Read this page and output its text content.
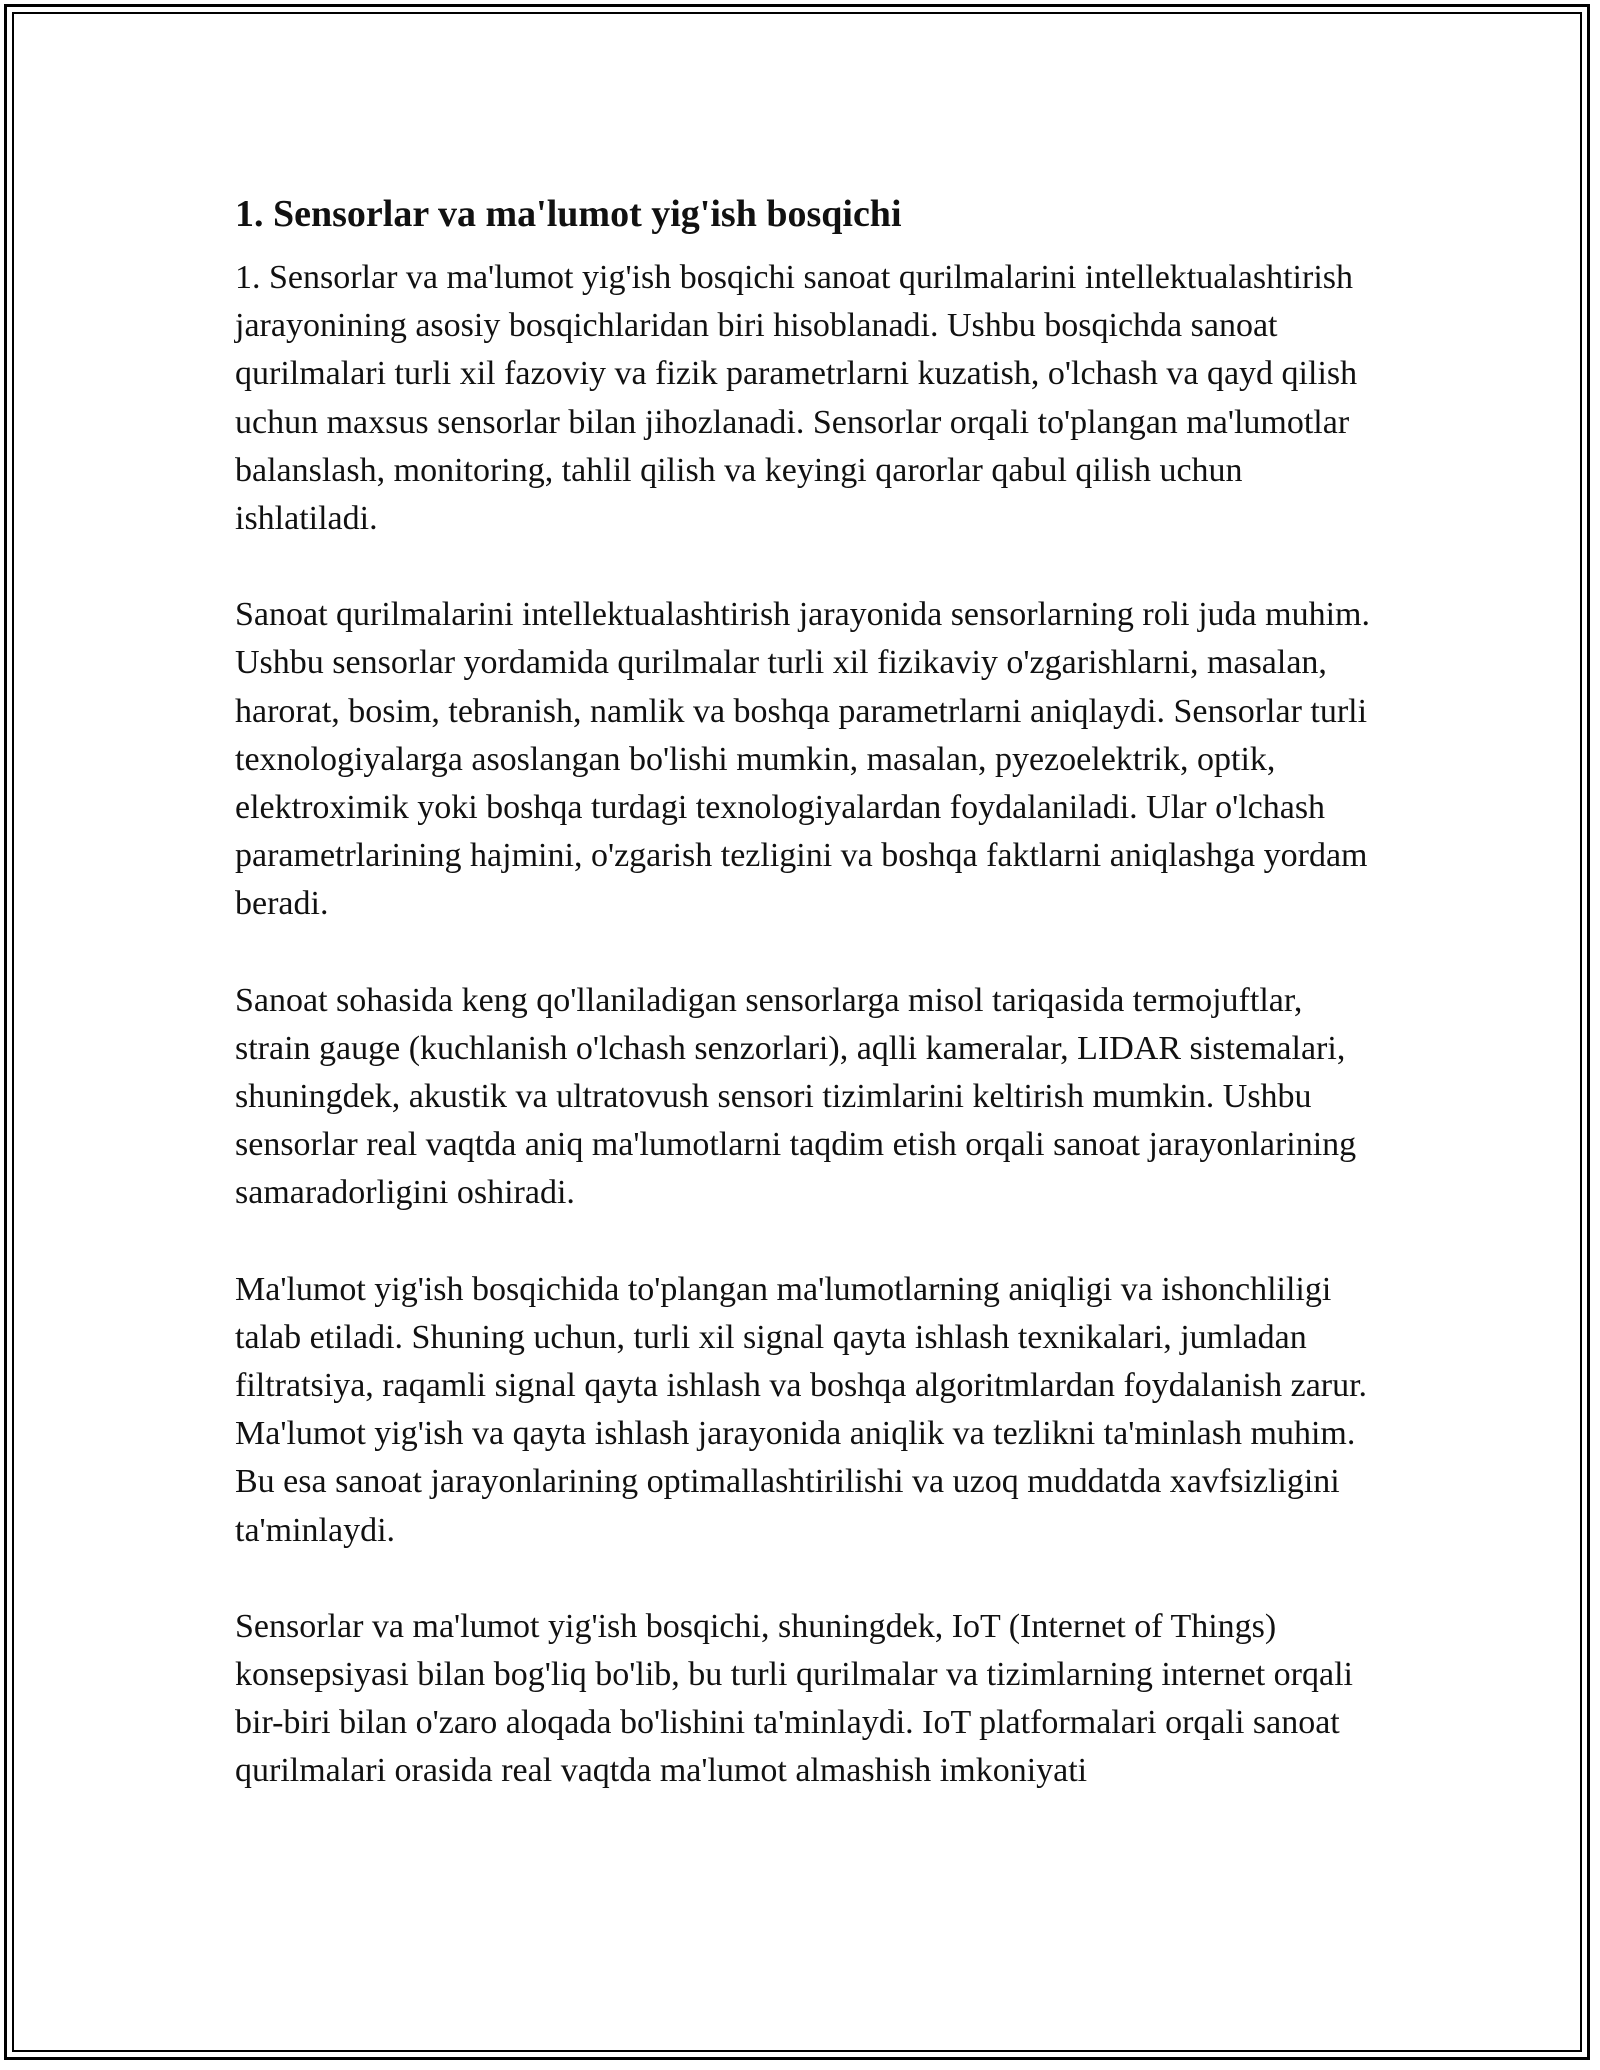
1. Sensorlar va ma'lumot yig'ish bosqichi

1. Sensorlar va ma'lumot yig'ish bosqichi sanoat qurilmalarini intellektualashtirish jarayonining asosiy bosqichlaridan biri hisoblanadi. Ushbu bosqichda sanoat qurilmalari turli xil fazoviy va fizik parametrlarni kuzatish, o'lchash va qayd qilish uchun maxsus sensorlar bilan jihozlanadi. Sensorlar orqali to'plangan ma'lumotlar balanslash, monitoring, tahlil qilish va keyingi qarorlar qabul qilish uchun ishlatiladi.

Sanoat qurilmalarini intellektualashtirish jarayonida sensorlarning roli juda muhim. Ushbu sensorlar yordamida qurilmalar turli xil fizikaviy o'zgarishlarni, masalan, harorat, bosim, tebranish, namlik va boshqa parametrlarni aniqlaydi. Sensorlar turli texnologiyalarga asoslangan bo'lishi mumkin, masalan, pyezoelektrik, optik, elektroximik yoki boshqa turdagi texnologiyalardan foydalaniladi. Ular o'lchash parametrlarining hajmini, o'zgarish tezligini va boshqa faktlarni aniqlashga yordam beradi.

Sanoat sohasida keng qo'llaniladigan sensorlarga misol tariqasida termojuftlar, strain gauge (kuchlanish o'lchash senzorlari), aqlli kameralar, LIDAR sistemalari, shuningdek, akustik va ultratovush sensori tizimlarini keltirish mumkin. Ushbu sensorlar real vaqtda aniq ma'lumotlarni taqdim etish orqali sanoat jarayonlarining samaradorligini oshiradi.

Ma'lumot yig'ish bosqichida to'plangan ma'lumotlarning aniqligi va ishonchliligi talab etiladi. Shuning uchun, turli xil signal qayta ishlash texnikalari, jumladan filtratsiya, raqamli signal qayta ishlash va boshqa algoritmlardan foydalanish zarur. Ma'lumot yig'ish va qayta ishlash jarayonida aniqlik va tezlikni ta'minlash muhim. Bu esa sanoat jarayonlarining optimallashtirilishi va uzoq muddatda xavfsizligini ta'minlaydi.

Sensorlar va ma'lumot yig'ish bosqichi, shuningdek, IoT (Internet of Things) konsepsiyasi bilan bog'liq bo'lib, bu turli qurilmalar va tizimlarning internet orqali bir-biri bilan o'zaro aloqada bo'lishini ta'minlaydi. IoT platformalari orqali sanoat qurilmalari orasida real vaqtda ma'lumot almashish imkoniyati
